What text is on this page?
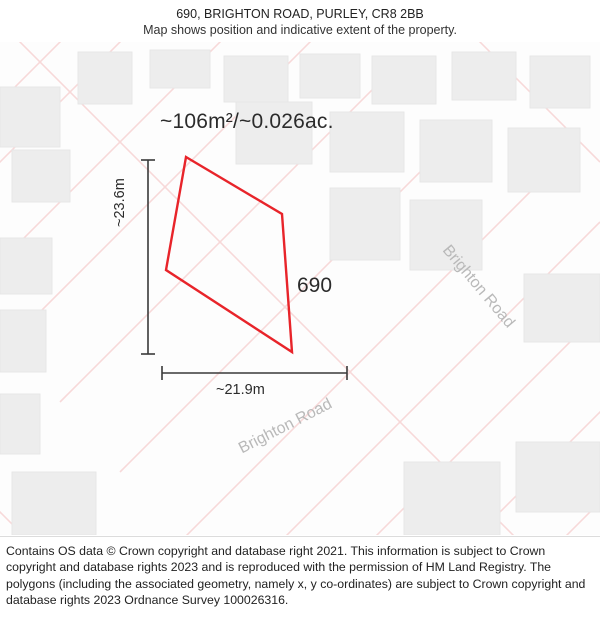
690, BRIGHTON ROAD, PURLEY, CR8 2BB
Map shows position and indicative extent of the property.
~106m²/~0.026ac.
690
~23.6m
~21.9m
Brighton Road
Brighton Road

Contains OS data © Crown copyright and database right 2021. This information is subject to Crown copyright and database rights 2023 and is reproduced with the permission of HM Land Registry. The polygons (including the associated geometry, namely x, y co-ordinates) are subject to Crown copyright and database rights 2023 Ordnance Survey 100026316.
